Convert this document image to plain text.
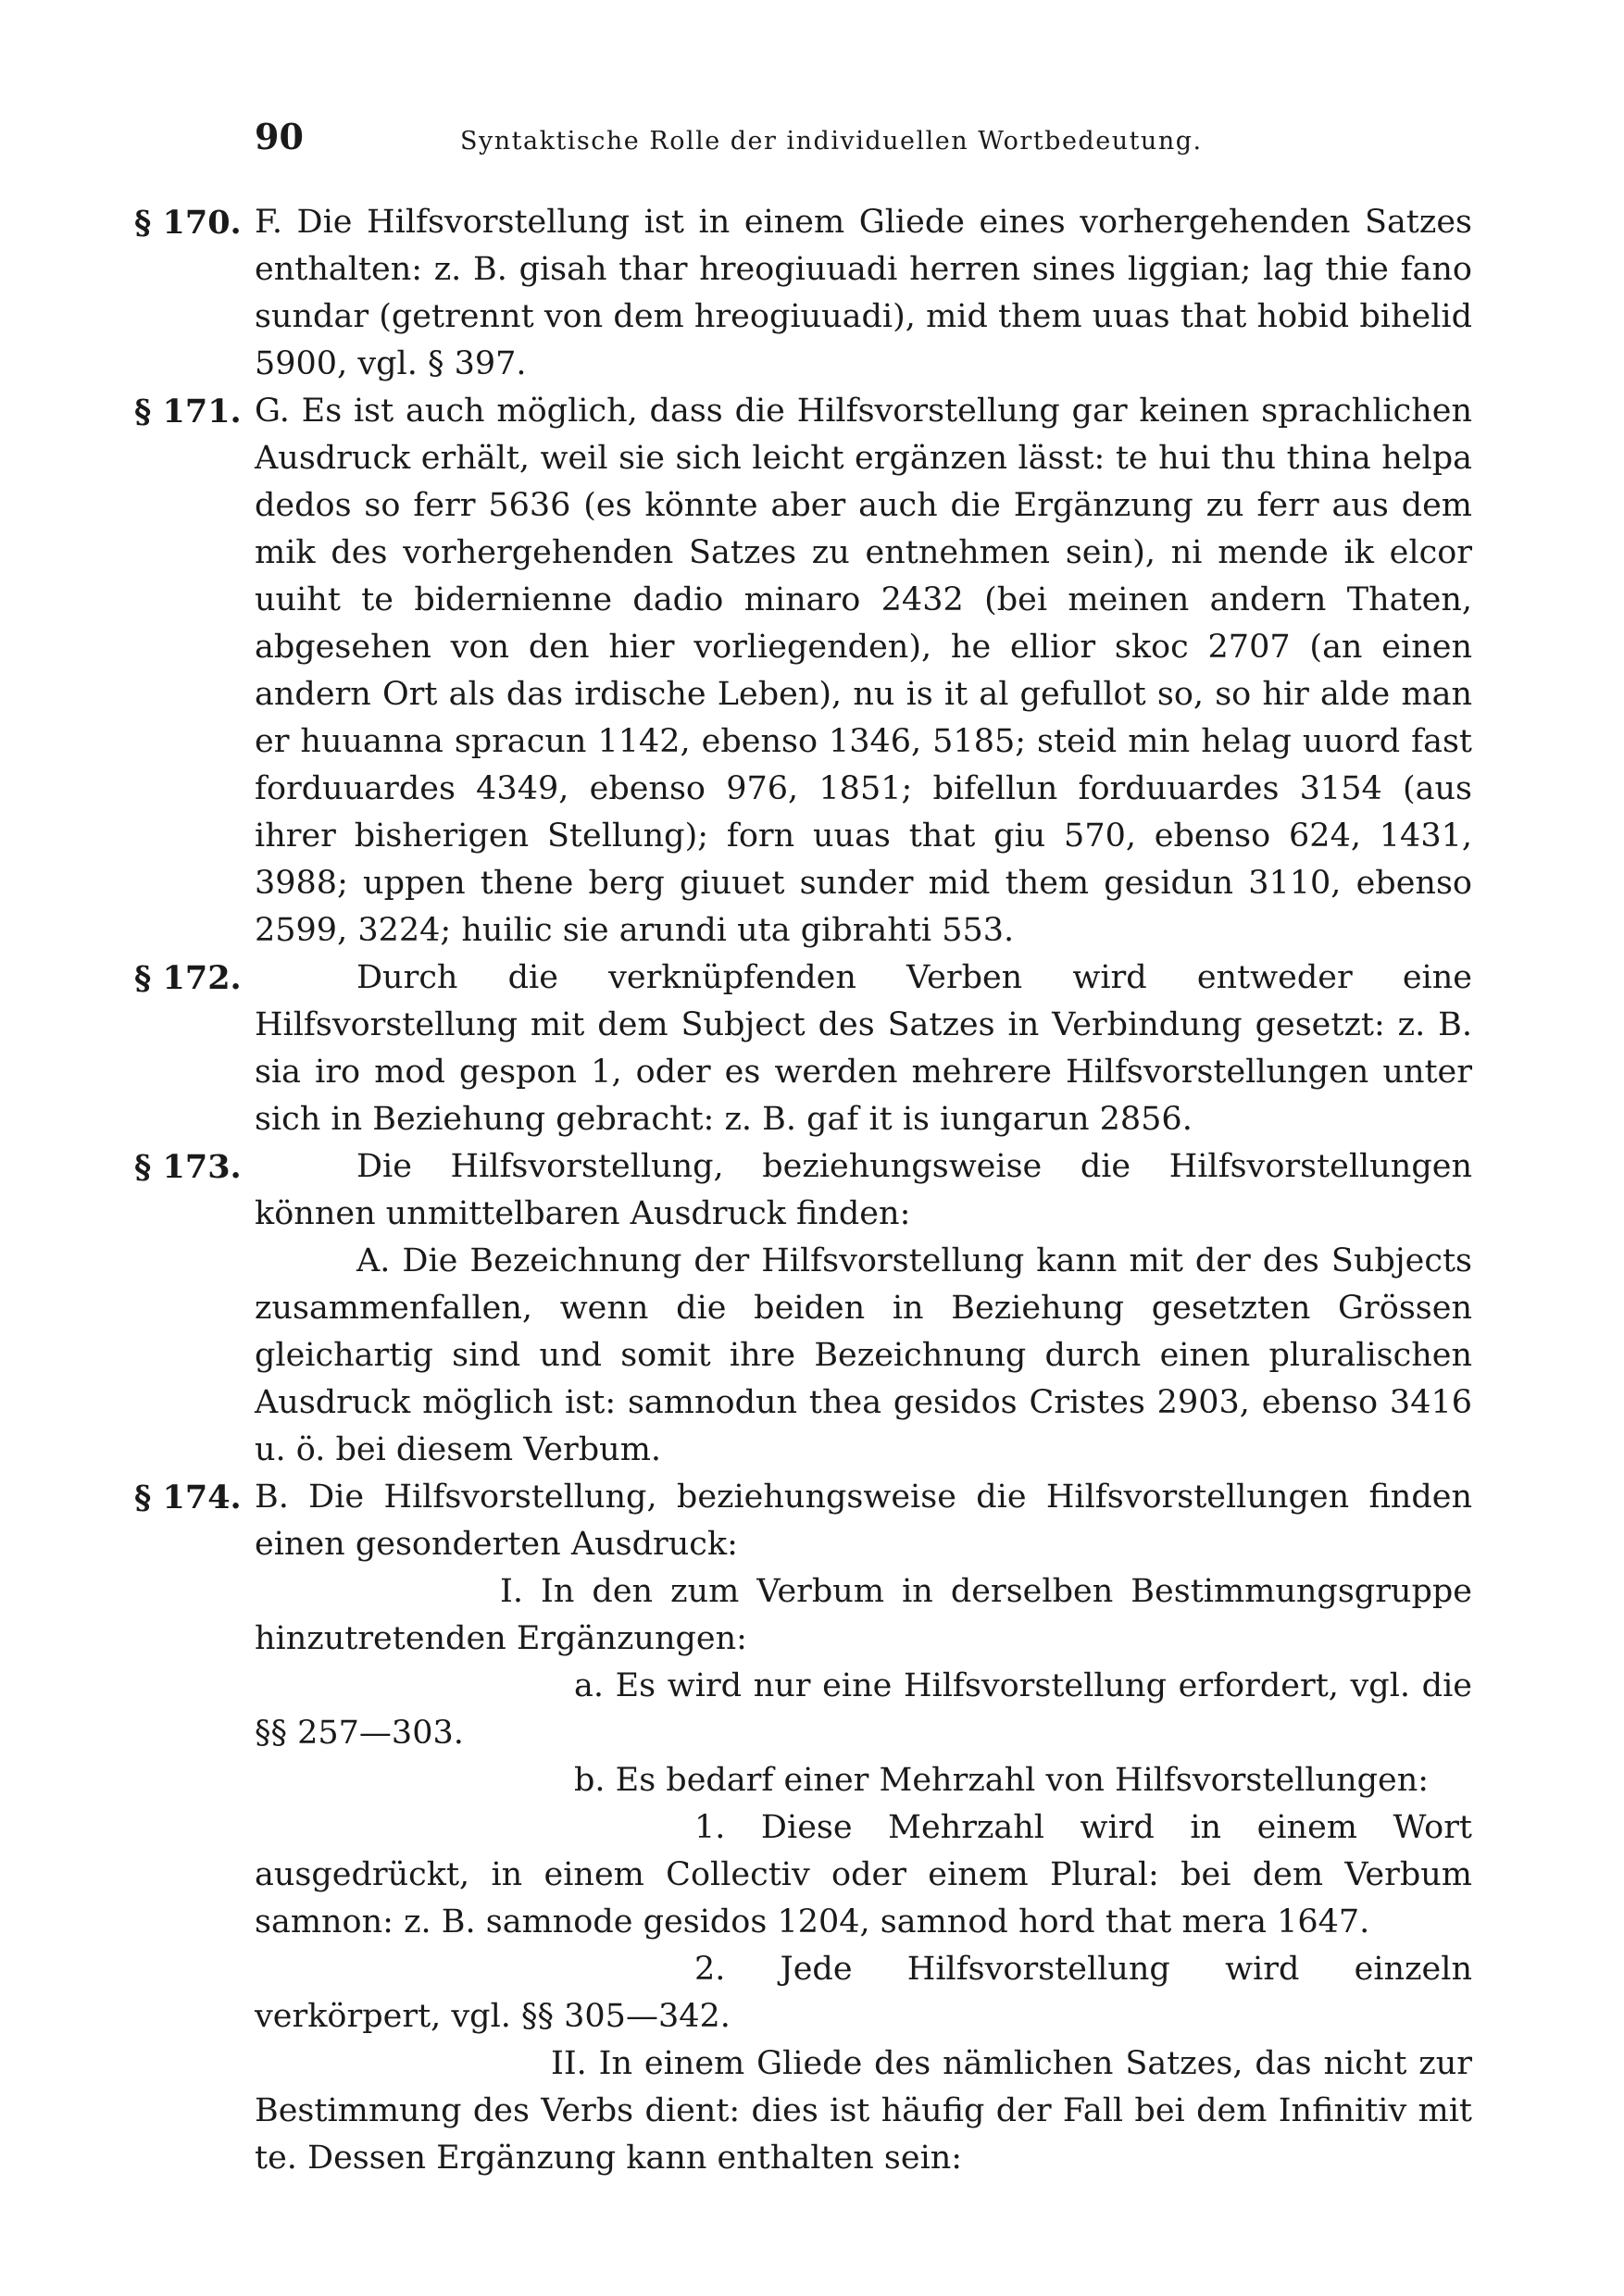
90	Syntaktische Rolle der individuellen Wortbedeutung.
§ 170. F. Die Hilfsvorstellung ist in einem Gliede eines vorhergehenden Satzes enthalten: z. B. gisah thar hreogiuuadi herren sines liggian; lag thie fano sundar (getrennt von dem hreogiuuadi), mid them uuas that hobid bihelid 5900, vgl. § 397.

§ 171. G. Es ist auch möglich, dass die Hilfsvorstellung gar keinen sprachlichen Ausdruck erhält, weil sie sich leicht ergänzen lässt: te hui thu thina helpa dedos so ferr 5636 (es könnte aber auch die Ergänzung zu ferr aus dem mik des vorhergehenden Satzes zu entnehmen sein), ni mende ik elcor uuiht te bidernienne dadio minaro 2432 (bei meinen andern Thaten, abgesehen von den hier vorliegenden), he ellior skoc 2707 (an einen andern Ort als das irdische Leben), nu is it al gefullot so, so hir alde man er huuanna spracun 1142, ebenso 1346, 5185; steid min helag uuord fast forduuardes 4349, ebenso 976, 1851; bifellun forduuardes 3154 (aus ihrer bisherigen Stellung); forn uuas that giu 570, ebenso 624, 1431, 3988; uppen thene berg giuuet sunder mid them gesidun 3110, ebenso 2599, 3224; huilic sie arundi uta gibrahti 553.

§ 172.	Durch die verknüpfenden Verben wird entweder eine Hilfsvorstellung mit dem Subject des Satzes in Verbindung gesetzt: z. B. sia iro mod gespon 1, oder es werden mehrere Hilfsvorstellungen unter sich in Beziehung gebracht: z. B. gaf it is iungarun 2856.

§ 173.	Die Hilfsvorstellung, beziehungsweise die Hilfsvorstellungen können unmittelbaren Ausdruck finden:

A. Die Bezeichnung der Hilfsvorstellung kann mit der des Subjects zusammenfallen, wenn die beiden in Beziehung gesetzten Grössen gleichartig sind und somit ihre Bezeichnung durch einen pluralischen Ausdruck möglich ist: samnodun thea gesidos Cristes 2903, ebenso 3416 u. ö. bei diesem Verbum.

§ 174. B. Die Hilfsvorstellung, beziehungsweise die Hilfsvorstellungen finden einen gesonderten Ausdruck:

I. In den zum Verbum in derselben Bestimmungsgruppe hinzutretenden Ergänzungen:

a. Es wird nur eine Hilfsvorstellung erfordert, vgl. die §§ 257—303.

b. Es bedarf einer Mehrzahl von Hilfsvorstellungen:

1. Diese Mehrzahl wird in einem Wort ausgedrückt, in einem Collectiv oder einem Plural: bei dem Verbum samnon: z. B. samnode gesidos 1204, samnod hord that mera 1647.

2. Jede Hilfsvorstellung wird einzeln verkörpert, vgl. §§ 305—342.

II. In einem Gliede des nämlichen Satzes, das nicht zur Bestimmung des Verbs dient: dies ist häufig der Fall bei dem Infinitiv mit te. Dessen Ergänzung kann enthalten sein:
